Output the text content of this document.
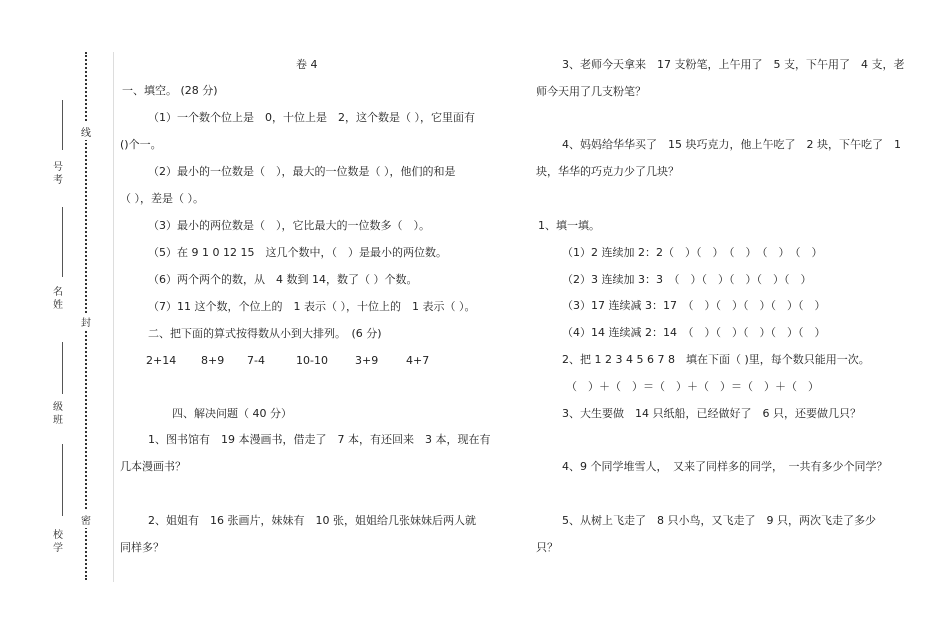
号
考
名
姓
级
班
校
学
线
封
密
卷 4
一、填空。 (28 分)
（1）一个数个位上是　0，十位上是　2，这个数是（ ），它里面有
()个一。
（2）最小的一位数是（　），最大的一位数是（ ），他们的和是
（ ），差是（ ）。
（3）最小的两位数是（　），它比最大的一位数多（　）。
（5）在 9 1 0 12 15　这几个数中，（　）是最小的两位数。
（6）两个两个的数，从　4 数到 14，数了（ ）个数。
（7）11 这个数，个位上的　1 表示（ ），十位上的　1 表示（ ）。
二、把下面的算式按得数从小到大排列。　(6 分)
2+14 8+9 7-4	10-10 3+9	4+7
四、解决问题（ 40 分）
1、图书馆有　19 本漫画书，借走了　7 本，有还回来　3 本，现在有
几本漫画书？
2、姐姐有　16 张画片，妹妹有　10 张，姐姐给几张妹妹后两人就
同样多？
3、老师今天拿来　17 支粉笔，上午用了　5 支，下午用了　4 支，老
师今天用了几支粉笔？
4、妈妈给华华买了　15 块巧克力，他上午吃了　2 块，下午吃了　1
块，华华的巧克力少了几块？
1、填一填。
（1）2 连续加 2：2（　）（　）　（　）　（　）　（　）
（2）3 连续加 3：3　（　）（　）（　）（　）（　）
（3）17 连续减 3：17　（　）（　）（　）（　）（　）
（4）14 连续减 2：14　（　）（　）（　）（　）（　）
2、把 1 2 3 4 5 6 7 8　填在下面（ )里，每个数只能用一次。
（　）＋（　）＝（　）＋（　）＝（　）＋（　）
3、大生要做　14 只纸船，已经做好了　6 只，还要做几只？
4、9 个同学堆雪人，　又来了同样多的同学，　一共有多少个同学？
5、从树上飞走了　8 只小鸟，又飞走了　9 只，两次飞走了多少
只？
